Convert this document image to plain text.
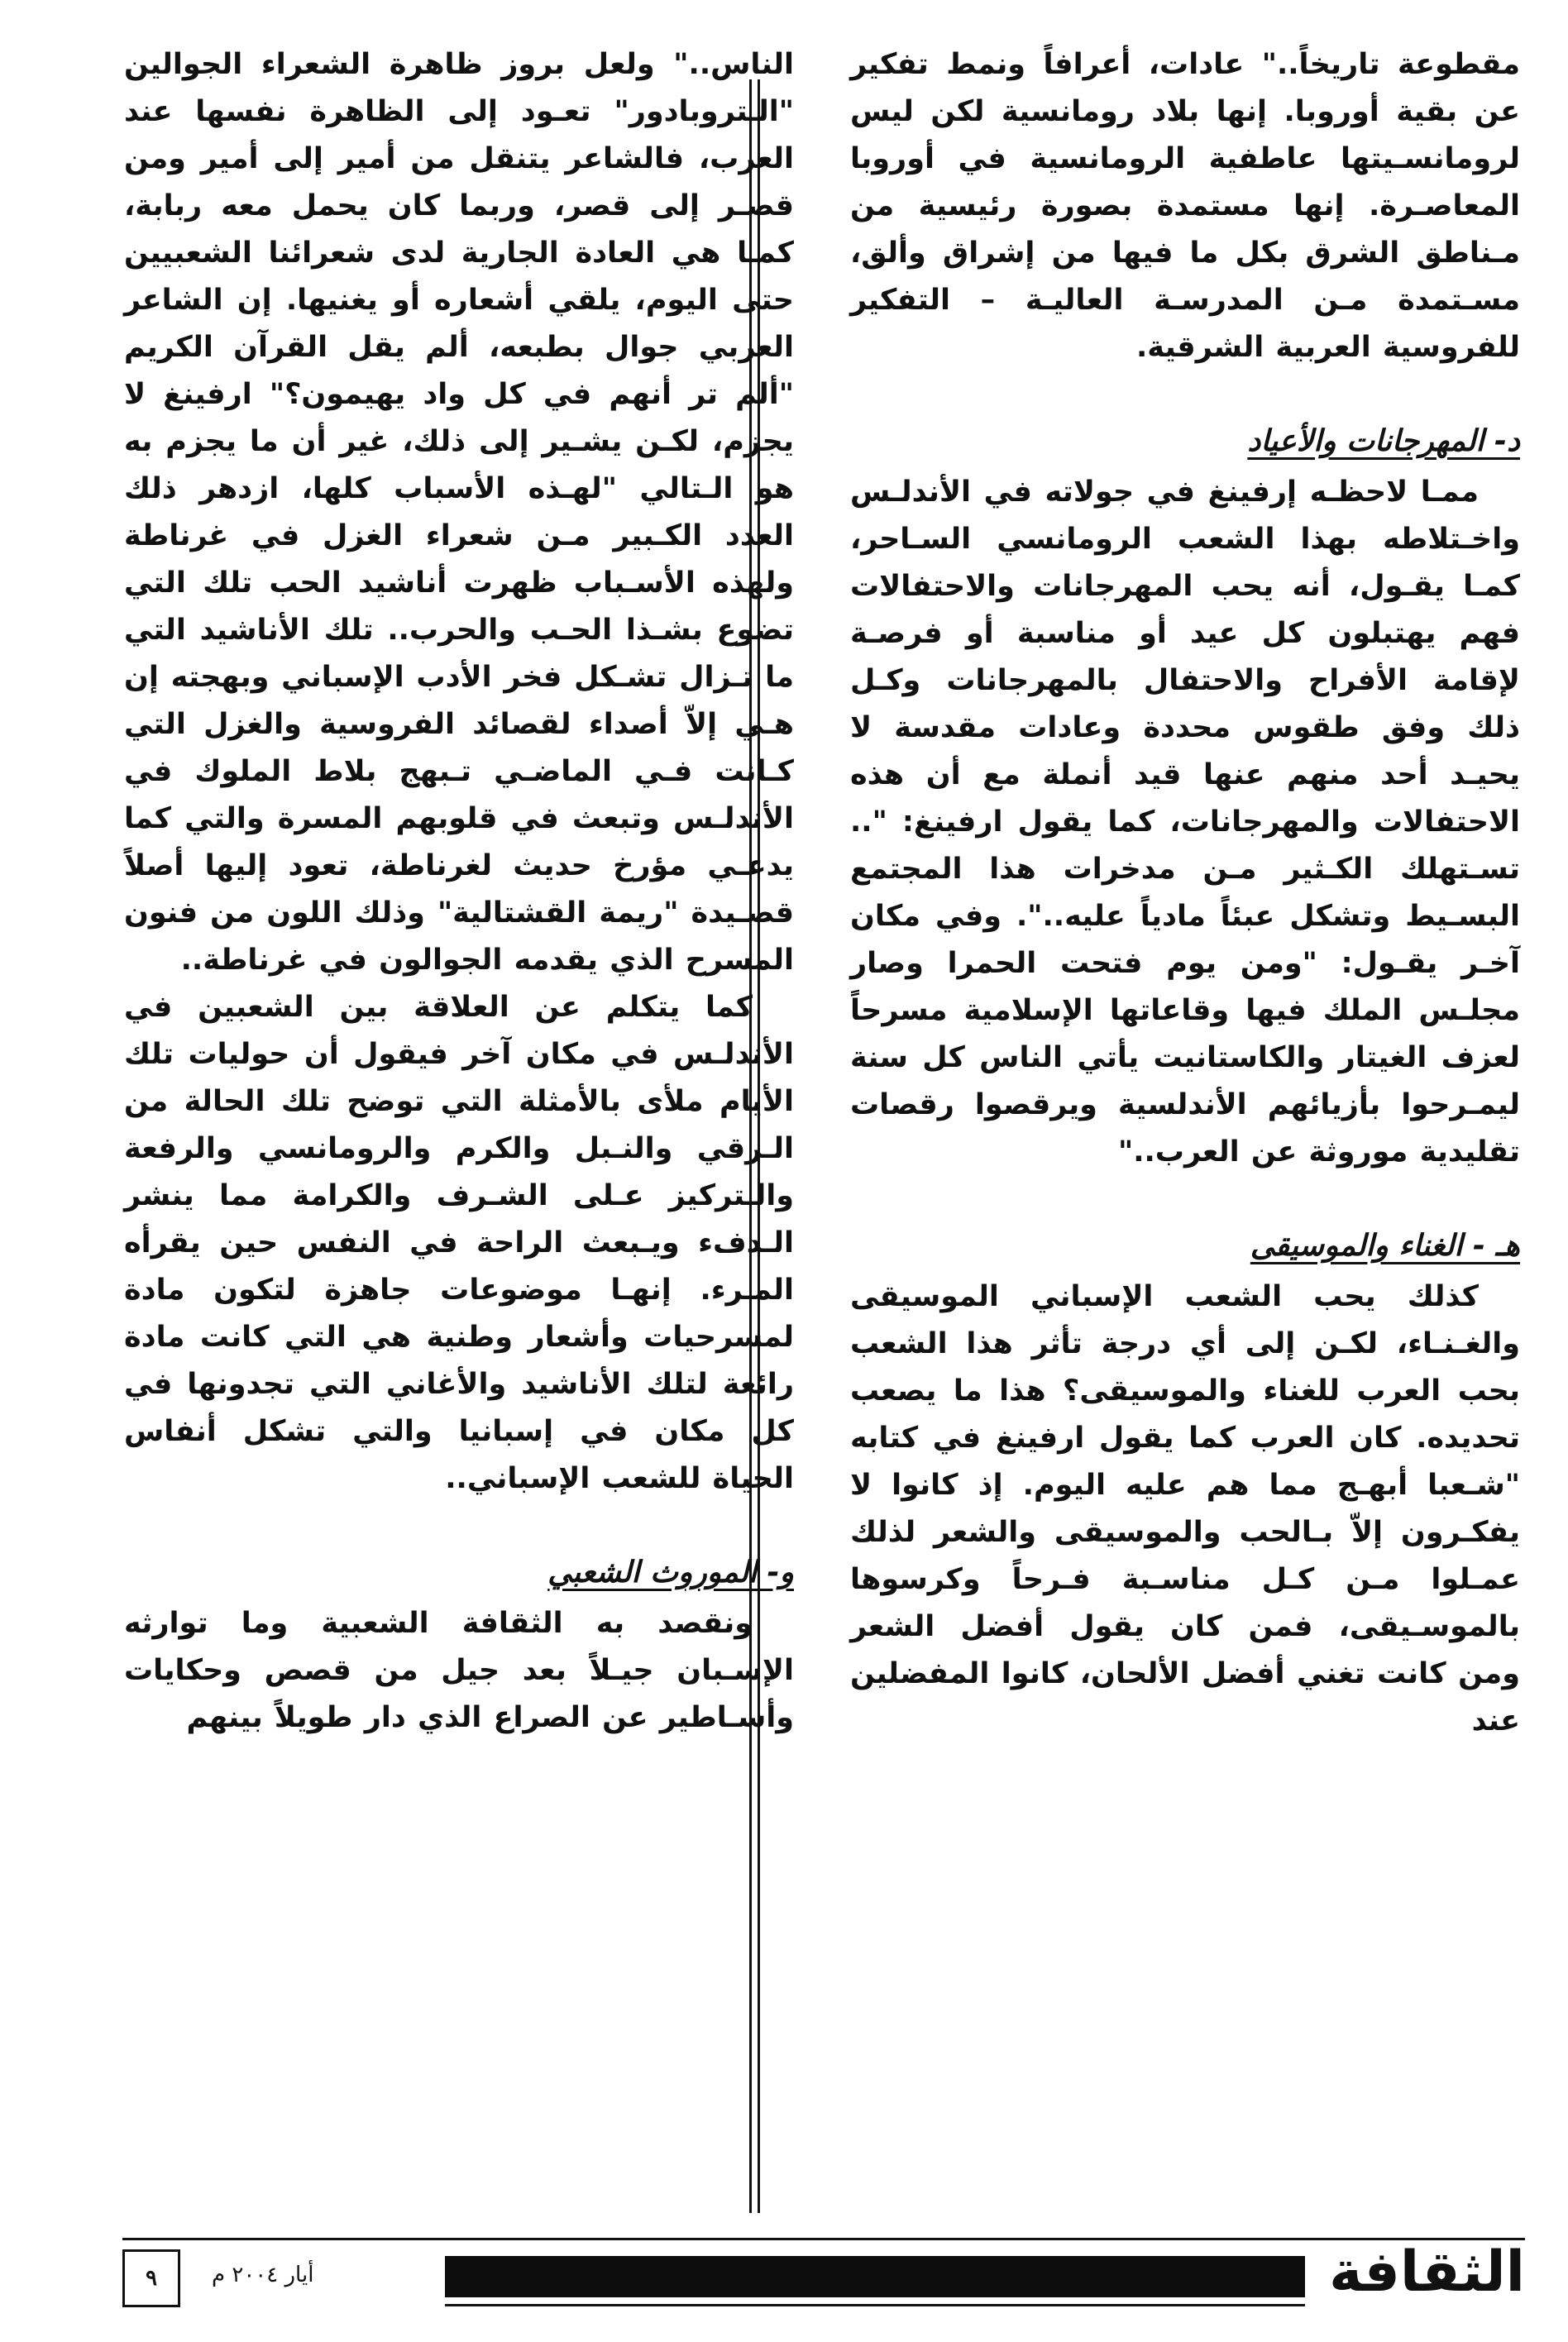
مقطوعة تاريخاً.." عادات، أعرافاً ونمط تفكير عن بقية أوروبا. إنها بلاد رومانسية لكن ليس لرومانسـيتها عاطفية الرومانسية في أوروبا المعاصـرة. إنها مستمدة بصورة رئيسية من مـناطق الشرق بكل ما فيها من إشراق وألق، مسـتمدة مـن المدرسـة العاليـة – التفكير للفروسية العربية الشرقية.

د- المهرجانات والأعياد

ممـا لاحظـه إرفينغ في جولاته في الأندلـس واخـتلاطه بهذا الشعب الرومانسي السـاحر، كمـا يقـول، أنه يحب المهرجانات والاحتفالات فهم يهتبلون كل عيد أو مناسبة أو فرصـة لإقامة الأفراح والاحتفال بالمهرجانات وكـل ذلك وفق طقوس محددة وعادات مقدسة لا يحيـد أحد منهم عنها قيد أنملة مع أن هذه الاحتفالات والمهرجانات، كما يقول ارفينغ: ".. تسـتهلك الكـثير مـن مدخرات هذا المجتمع البسـيط وتشكل عبئاً مادياً عليه..". وفي مكان آخـر يقـول: "ومن يوم فتحت الحمرا وصار مجلـس الملك فيها وقاعاتها الإسلامية مسرحاً لعزف الغيتار والكاستانيت يأتي الناس كل سنة ليمـرحوا بأزيائهم الأندلسية ويرقصوا رقصات تقليدية موروثة عن العرب.."

هـ - الغناء والموسيقى

كذلك يحب الشعب الإسباني الموسيقى والغـنـاء، لكـن إلى أي درجة تأثر هذا الشعب بحب العرب للغناء والموسيقى؟ هذا ما يصعب تحديده. كان العرب كما يقول ارفينغ في كتابه "شـعبا أبهـج مما هم عليه اليوم. إذ كانوا لا يفكـرون إلاّ بـالحب والموسيقى والشعر لذلك عمـلوا مـن كـل مناسـبة فـرحاً وكرسوها بالموسـيقى، فمن كان يقول أفضل الشعر ومن كانت تغني أفضل الألحان، كانوا المفضلين عند

الناس.." ولعل بروز ظاهرة الشعراء الجوالين "الـتروبادور" تعـود إلى الظاهرة نفسها عند العرب، فالشاعر يتنقل من أمير إلى أمير ومن قصـر إلى قصر، وربما كان يحمل معه ربابة، كمـا هي العادة الجارية لدى شعرائنا الشعبيين حتى اليوم، يلقي أشعاره أو يغنيها. إن الشاعر العربي جوال بطبعه، ألم يقل القرآن الكريم "ألم تر أنهم في كل واد يهيمون؟" ارفينغ لا يجزم، لكـن يشـير إلى ذلك، غير أن ما يجزم به هو الـتالي "لهـذه الأسباب كلها، ازدهر ذلك العدد الكـبير مـن شعراء الغزل في غرناطة ولهذه الأسـباب ظهرت أناشيد الحب تلك التي تضوع بشـذا الحـب والحرب.. تلك الأناشيد التي ما تـزال تشـكل فخر الأدب الإسباني وبهجته إن هـي إلاّ أصداء لقصائد الفروسية والغزل التي كـانت فـي الماضـي تـبهج بلاط الملوك في الأندلـس وتبعث في قلوبهم المسرة والتي كما يدعـي مؤرخ حديث لغرناطة، تعود إليها أصلاً قصـيدة "ريمة القشتالية" وذلك اللون من فنون المسرح الذي يقدمه الجوالون في غرناطة..

كما يتكلم عن العلاقة بين الشعبين في الأندلـس في مكان آخر فيقول أن حوليات تلك الأيام ملأى بالأمثلة التي توضح تلك الحالة من الـرقي والنـبل والكرم والرومانسي والرفعة والـتركيز عـلى الشـرف والكرامة مما ينشر الـدفء ويـبعث الراحة في النفس حين يقرأه المـرء. إنهـا موضوعات جاهزة لتكون مادة لمسرحيات وأشعار وطنية هي التي كانت مادة رائعة لتلك الأناشيد والأغاني التي تجدونها في كل مكان في إسبانيا والتي تشكل أنفاس الحياة للشعب الإسباني..

و- الموروث الشعبي

ونقصد به الثقافة الشعبية وما توارثه الإسـبان جيـلاً بعد جيل من قصص وحكايات وأسـاطير عن الصراع الذي دار طويلاً بينهم

٩	أيار ٢٠٠٤ م	الثقافة
